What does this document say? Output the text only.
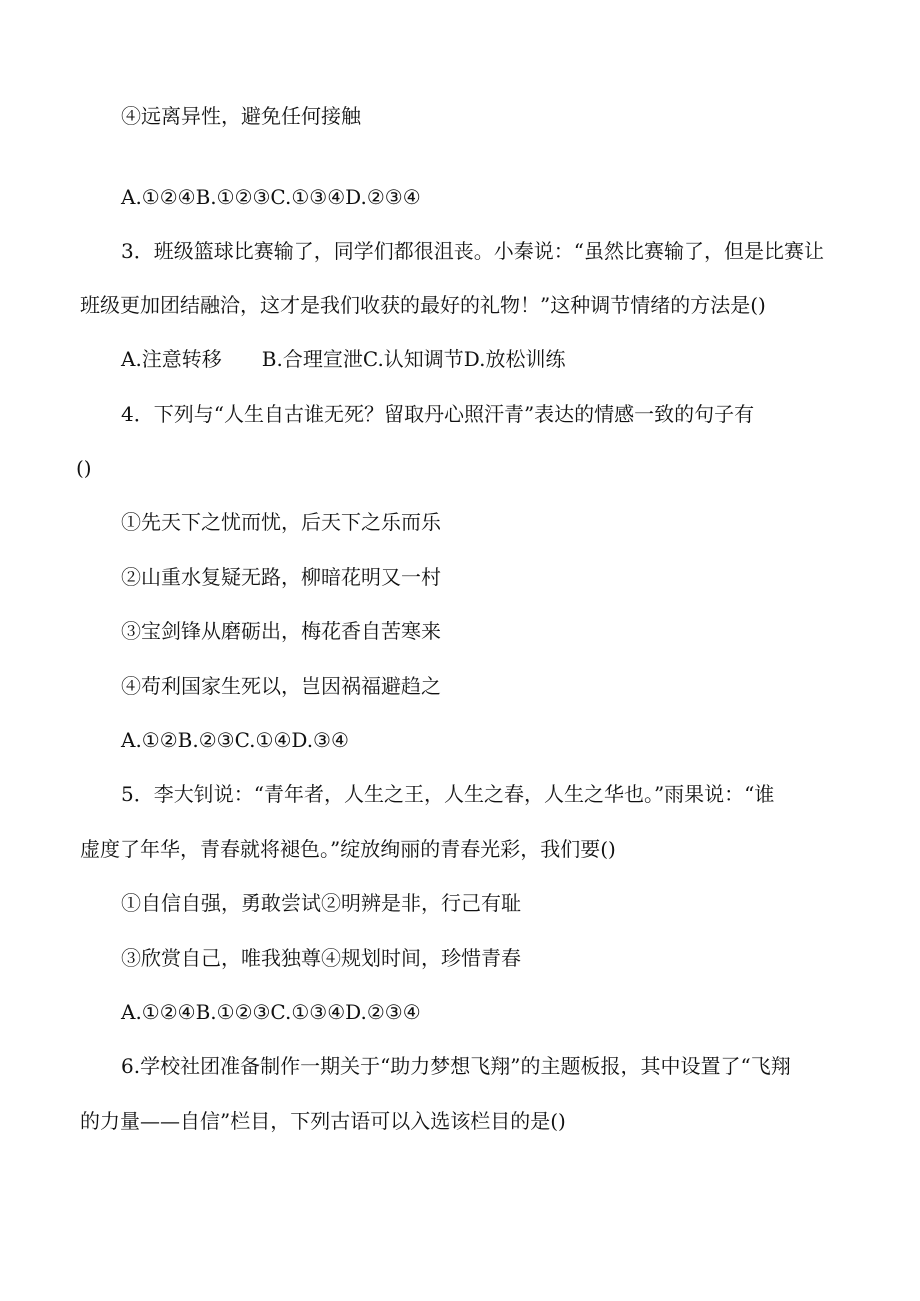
④远离异性，避免任何接触
A.①②④B.①②③C.①③④D.②③④
3．班级篮球比赛输了，同学们都很沮丧。小秦说：“虽然比赛输了，但是比赛让
班级更加团结融洽，这才是我们收获的最好的礼物！”这种调节情绪的方法是()
A.注意转移　　B.合理宣泄C.认知调节D.放松训练
4．下列与“人生自古谁无死？留取丹心照汗青”表达的情感一致的句子有
()
①先天下之忧而忧，后天下之乐而乐
②山重水复疑无路，柳暗花明又一村
③宝剑锋从磨砺出，梅花香自苦寒来
④苟利国家生死以，岂因祸福避趋之
A.①②B.②③C.①④D.③④
5．李大钊说：“青年者，人生之王，人生之春，人生之华也。”雨果说：“谁
虚度了年华，青春就将褪色。”绽放绚丽的青春光彩，我们要()
①自信自强，勇敢尝试②明辨是非，行己有耻
③欣赏自己，唯我独尊④规划时间，珍惜青春
A.①②④B.①②③C.①③④D.②③④
6.学校社团准备制作一期关于“助力梦想飞翔”的主题板报，其中设置了“飞翔
的力量——自信”栏目，下列古语可以入选该栏目的是()
